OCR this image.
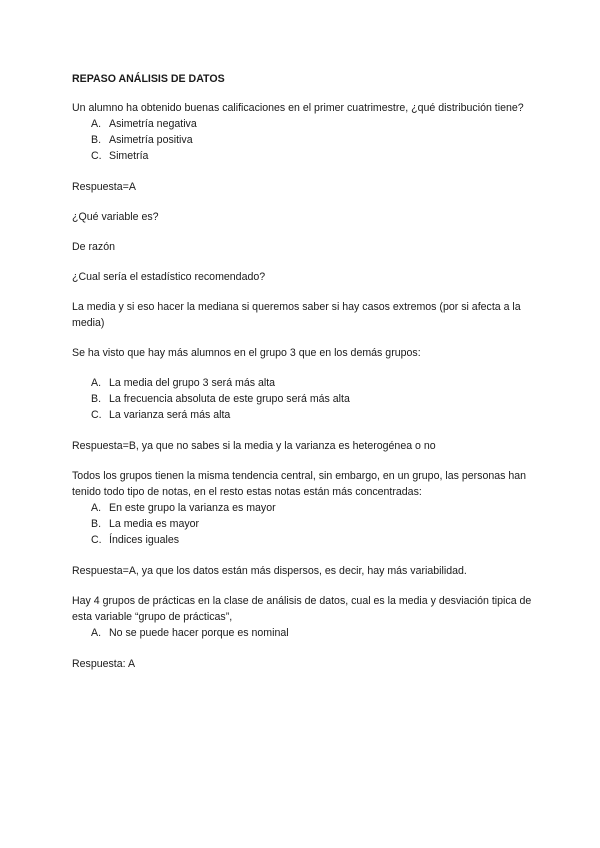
REPASO ANÁLISIS DE DATOS

Un alumno ha obtenido buenas calificaciones en el primer cuatrimestre, ¿qué distribución tiene?

A. Asimetría negativa
B. Asimetría positiva
C. Simetría

Respuesta=A

¿Qué variable es?

De razón

¿Cual sería el estadístico recomendado?

La media y si eso hacer la mediana si queremos saber si hay casos extremos (por si afecta a la media)

Se ha visto que hay más alumnos en el grupo 3 que en los demás grupos:

A. La media del grupo 3 será más alta
B. La frecuencia absoluta de este grupo será más alta
C. La varianza será más alta

Respuesta=B, ya que no sabes si la media y la varianza es heterogénea o no

Todos los grupos tienen la misma tendencia central, sin embargo, en un grupo, las personas han tenido todo tipo de notas, en el resto estas notas están más concentradas:

A. En este grupo la varianza es mayor
B. La media es mayor
C. Índices iguales

Respuesta=A, ya que los datos están más dispersos, es decir, hay más variabilidad.

Hay 4 grupos de prácticas en la clase de análisis de datos, cual es la media y desviación tipica de esta variable “grupo de prácticas”,

A. No se puede hacer porque es nominal

Respuesta: A
